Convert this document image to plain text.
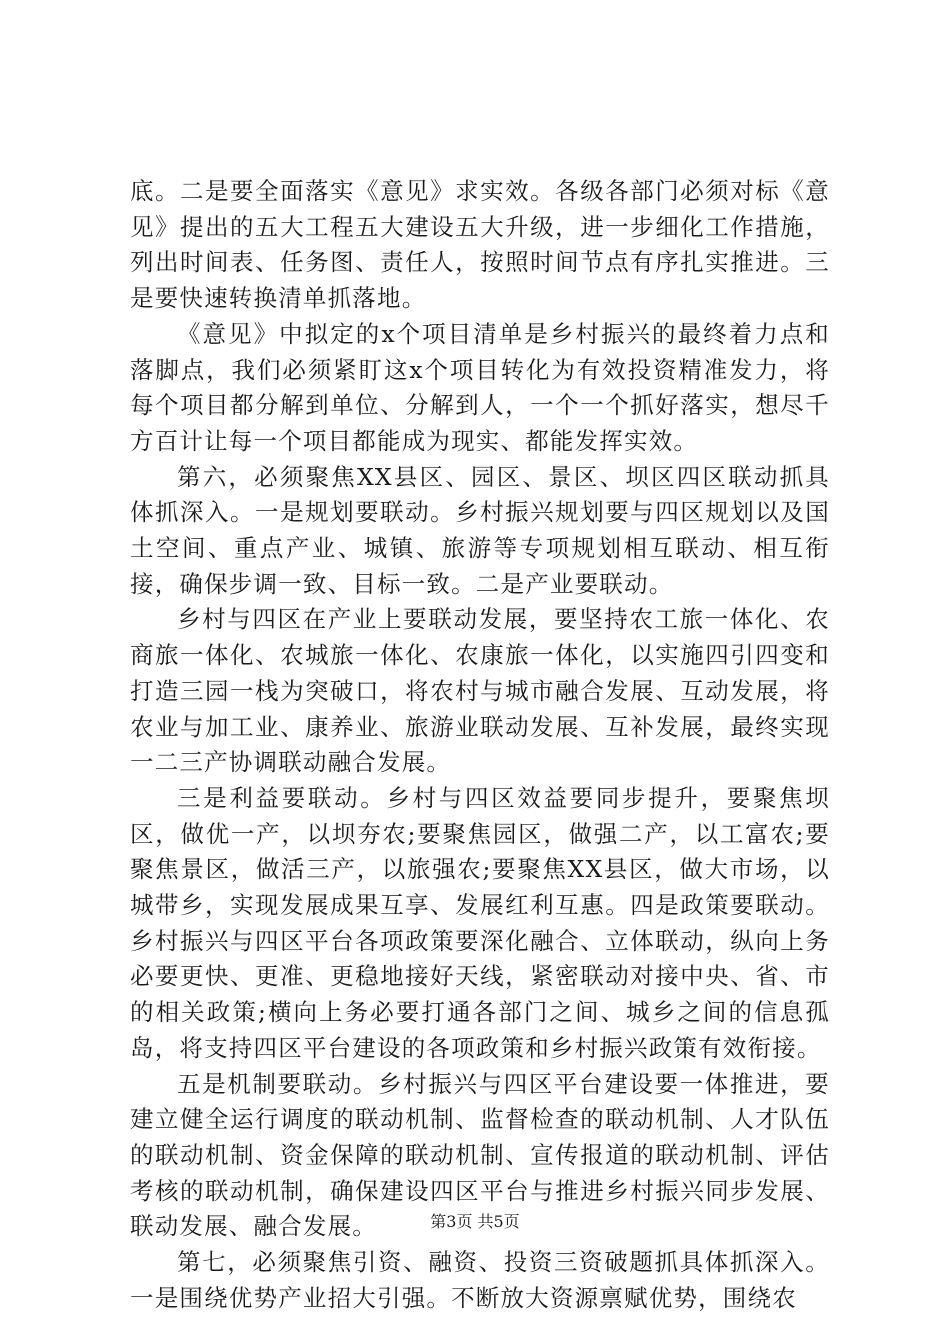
底。二是要全面落实《意见》求实效。各级各部门必须对标《意见》提出的五大工程五大建设五大升级，进一步细化工作措施，列出时间表、任务图、责任人，按照时间节点有序扎实推进。三是要快速转换清单抓落地。

《意见》中拟定的x个项目清单是乡村振兴的最终着力点和落脚点，我们必须紧盯这x个项目转化为有效投资精准发力，将每个项目都分解到单位、分解到人，一个一个抓好落实，想尽千方百计让每一个项目都能成为现实、都能发挥实效。

第六，必须聚焦XX县区、园区、景区、坝区四区联动抓具体抓深入。一是规划要联动。乡村振兴规划要与四区规划以及国土空间、重点产业、城镇、旅游等专项规划相互联动、相互衔接，确保步调一致、目标一致。二是产业要联动。

乡村与四区在产业上要联动发展，要坚持农工旅一体化、农商旅一体化、农城旅一体化、农康旅一体化，以实施四引四变和打造三园一栈为突破口，将农村与城市融合发展、互动发展，将农业与加工业、康养业、旅游业联动发展、互补发展，最终实现一二三产协调联动融合发展。

三是利益要联动。乡村与四区效益要同步提升，要聚焦坝区，做优一产，以坝夯农;要聚焦园区，做强二产，以工富农;要聚焦景区，做活三产，以旅强农;要聚焦XX县区，做大市场，以城带乡，实现发展成果互享、发展红利互惠。四是政策要联动。乡村振兴与四区平台各项政策要深化融合、立体联动，纵向上务必要更快、更准、更稳地接好天线，紧密联动对接中央、省、市的相关政策;横向上务必要打通各部门之间、城乡之间的信息孤岛，将支持四区平台建设的各项政策和乡村振兴政策有效衔接。

五是机制要联动。乡村振兴与四区平台建设要一体推进，要建立健全运行调度的联动机制、监督检查的联动机制、人才队伍的联动机制、资金保障的联动机制、宣传报道的联动机制、评估考核的联动机制，确保建设四区平台与推进乡村振兴同步发展、联动发展、融合发展。

第七，必须聚焦引资、融资、投资三资破题抓具体抓深入。一是围绕优势产业招大引强。不断放大资源禀赋优势，围绕农

第3页 共5页
